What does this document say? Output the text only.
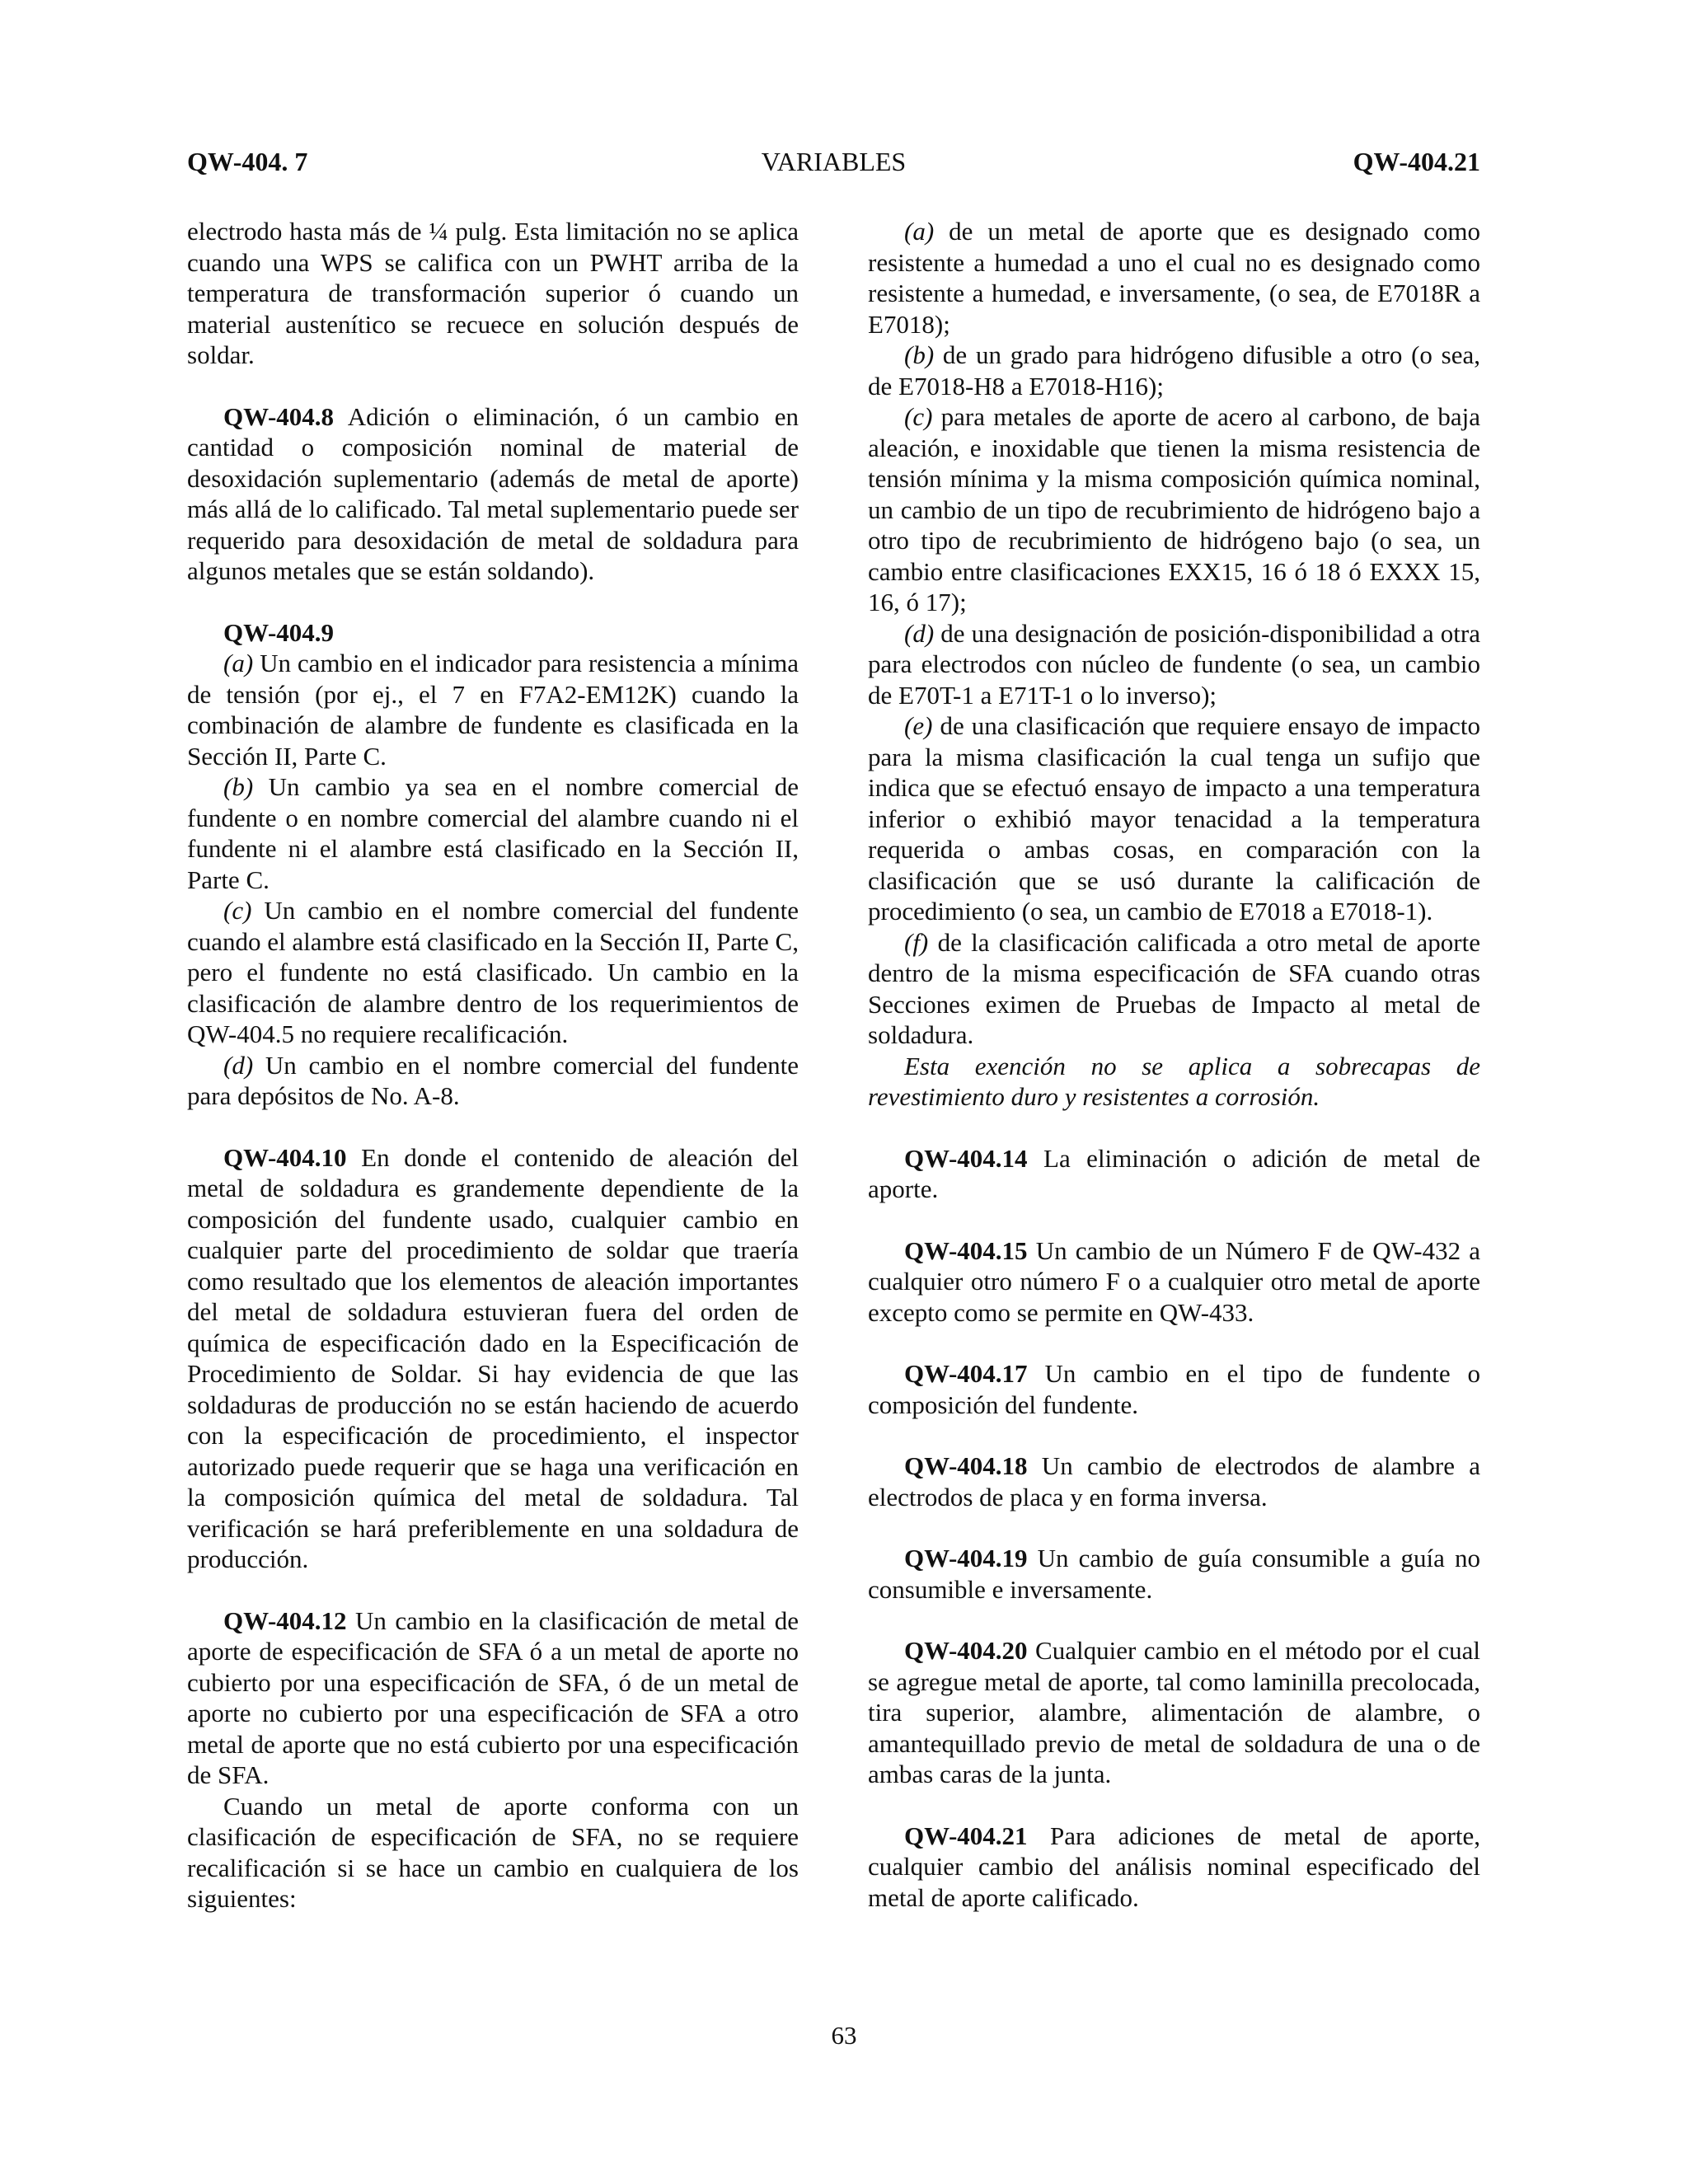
QW-404. 7	VARIABLES	QW-404.21

electrodo hasta más de ¼ pulg. Esta limitación no se aplica cuando una WPS se califica con un PWHT arriba de la temperatura de transformación superior ó cuando un material austenítico se recuece en solución después de soldar.

QW-404.8 Adición o eliminación, ó un cambio en cantidad o composición nominal de material de desoxidación suplementario (además de metal de aporte) más allá de lo calificado. Tal metal suplementario puede ser requerido para desoxidación de metal de soldadura para algunos metales que se están soldando).

QW-404.9

(a) Un cambio en el indicador para resistencia a mínima de tensión (por ej., el 7 en F7A2-EM12K) cuando la combinación de alambre de fundente es clasificada en la Sección II, Parte C.

(b) Un cambio ya sea en el nombre comercial de fundente o en nombre comercial del alambre cuando ni el fundente ni el alambre está clasificado en la Sección II, Parte C.

(c) Un cambio en el nombre comercial del fundente cuando el alambre está clasificado en la Sección II, Parte C, pero el fundente no está clasificado. Un cambio en la clasificación de alambre dentro de los requerimientos de QW-404.5 no requiere recalificación.

(d) Un cambio en el nombre comercial del fundente para depósitos de No. A-8.

QW-404.10 En donde el contenido de aleación del metal de soldadura es grandemente dependiente de la composición del fundente usado, cualquier cambio en cualquier parte del procedimiento de soldar que traería como resultado que los elementos de aleación importantes del metal de soldadura estuvieran fuera del orden de química de especificación dado en la Especificación de Procedimiento de Soldar. Si hay evidencia de que las soldaduras de producción no se están haciendo de acuerdo con la especificación de procedimiento, el inspector autorizado puede requerir que se haga una verificación en la composición química del metal de soldadura. Tal verificación se hará preferiblemente en una soldadura de producción.

QW-404.12 Un cambio en la clasificación de metal de aporte de especificación de SFA ó a un metal de aporte no cubierto por una especificación de SFA, ó de un metal de aporte no cubierto por una especificación de SFA a otro metal de aporte que no está cubierto por una especificación de SFA.

Cuando un metal de aporte conforma con un clasificación de especificación de SFA, no se requiere recalificación si se hace un cambio en cualquiera de los siguientes:

(a) de un metal de aporte que es designado como resistente a humedad a uno el cual no es designado como resistente a humedad, e inversamente, (o sea, de E7018R a E7018);

(b) de un grado para hidrógeno difusible a otro (o sea, de E7018-H8 a E7018-H16);

(c) para metales de aporte de acero al carbono, de baja aleación, e inoxidable que tienen la misma resistencia de tensión mínima y la misma composición química nominal, un cambio de un tipo de recubrimiento de hidrógeno bajo a otro tipo de recubrimiento de hidrógeno bajo (o sea, un cambio entre clasificaciones EXX15, 16 ó 18 ó EXXX 15, 16, ó 17);

(d) de una designación de posición-disponibilidad a otra para electrodos con núcleo de fundente (o sea, un cambio de E70T-1 a E71T-1 o lo inverso);

(e) de una clasificación que requiere ensayo de impacto para la misma clasificación la cual tenga un sufijo que indica que se efectuó ensayo de impacto a una temperatura inferior o exhibió mayor tenacidad a la temperatura requerida o ambas cosas, en comparación con la clasificación que se usó durante la calificación de procedimiento (o sea, un cambio de E7018 a E7018-1).

(f) de la clasificación calificada a otro metal de aporte dentro de la misma especificación de SFA cuando otras Secciones eximen de Pruebas de Impacto al metal de soldadura.

Esta exención no se aplica a sobrecapas de revestimiento duro y resistentes a corrosión.

QW-404.14 La eliminación o adición de metal de aporte.

QW-404.15 Un cambio de un Número F de QW-432 a cualquier otro número F o a cualquier otro metal de aporte excepto como se permite en QW-433.

QW-404.17 Un cambio en el tipo de fundente o composición del fundente.

QW-404.18 Un cambio de electrodos de alambre a electrodos de placa y en forma inversa.

QW-404.19 Un cambio de guía consumible a guía no consumible e inversamente.

QW-404.20 Cualquier cambio en el método por el cual se agregue metal de aporte, tal como laminilla precolocada, tira superior, alambre, alimentación de alambre, o amantequillado previo de metal de soldadura de una o de ambas caras de la junta.

QW-404.21 Para adiciones de metal de aporte, cualquier cambio del análisis nominal especificado del metal de aporte calificado.

63
